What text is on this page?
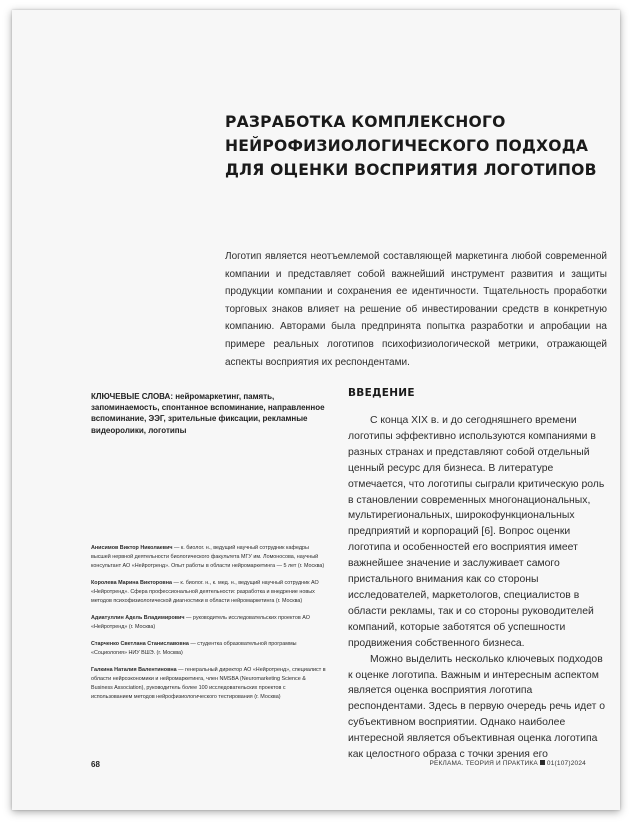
РАЗРАБОТКА КОМПЛЕКСНОГО
НЕЙРОФИЗИОЛОГИЧЕСКОГО ПОДХОДА
ДЛЯ ОЦЕНКИ ВОСПРИЯТИЯ ЛОГОТИПОВ

Логотип является неотъемлемой составляющей маркетинга любой современной компании и представляет собой важнейший инструмент развития и защиты продукции компании и сохранения ее идентичности. Тщательность проработки торговых знаков влияет на решение об инвестировании средств в конкретную компанию. Авторами была предпринята попытка разработки и апробации на примере реальных логотипов психофизиологической метрики, отражающей аспекты восприятия их респондентами.

КЛЮЧЕВЫЕ СЛОВА: нейромаркетинг, память, запоминаемость, спонтанное вспоминание, направленное вспоминание, ЭЭГ, зрительные фиксации, рекламные видеоролики, логотипы

Анисимов Виктор Николаевич — к. биолог. н., ведущий научный сотрудник кафедры высшей нервной деятельности биологического факультета МГУ им. Ломоносова, научный консультант АО «Нейротренд». Опыт работы в области нейромаркетинга — 5 лет (г. Москва)

Королева Марина Викторовна — к. биолог. н., к. мед. н., ведущий научный сотрудник АО «Нейротренд». Сфера профессиональной деятельности: разработка и внедрение новых методов психофизиологической диагностики в области нейромаркетинга (г. Москва)

Адиатуллин Адель Владимирович — руководитель исследовательских проектов АО «Нейротренд» (г. Москва)

Старченко Светлана Станиславовна — студентка образовательной программы «Социология» НИУ ВШЭ. (г. Москва)

Галкина Наталия Валентиновна — генеральный директор АО «Нейротренд», специалист в области нейроэкономики и нейромаркетинга, член NMSBA (Neuromarketing Science & Business Association), руководитель более 100 исследовательских проектов с использованием методов нейрофизиологического тестирования (г. Москва)

ВВЕДЕНИЕ

С конца XIX в. и до сегодняшнего времени логотипы эффективно используются компаниями в разных странах и представляют собой отдельный ценный ресурс для бизнеса. В литературе отмечается, что логотипы сыграли критическую роль в становлении современных многонациональных, мультирегиональных, широкофункциональных предприятий и корпораций [6]. Вопрос оценки логотипа и особенностей его восприятия имеет важнейшее значение и заслуживает самого пристального внимания как со стороны исследователей, маркетологов, специалистов в области рекламы, так и со стороны руководителей компаний, которые заботятся об успешности продвижения собственного бизнеса.

Можно выделить несколько ключевых подходов к оценке логотипа. Важным и интересным аспектом является оценка восприятия логотипа респондентами. Здесь в первую очередь речь идет о субъективном восприятии. Однако наиболее интересной является объективная оценка логотипа как целостного образа с точки зрения его

68	РЕКЛАМА. ТЕОРИЯ И ПРАКТИКА 01(107)2024
